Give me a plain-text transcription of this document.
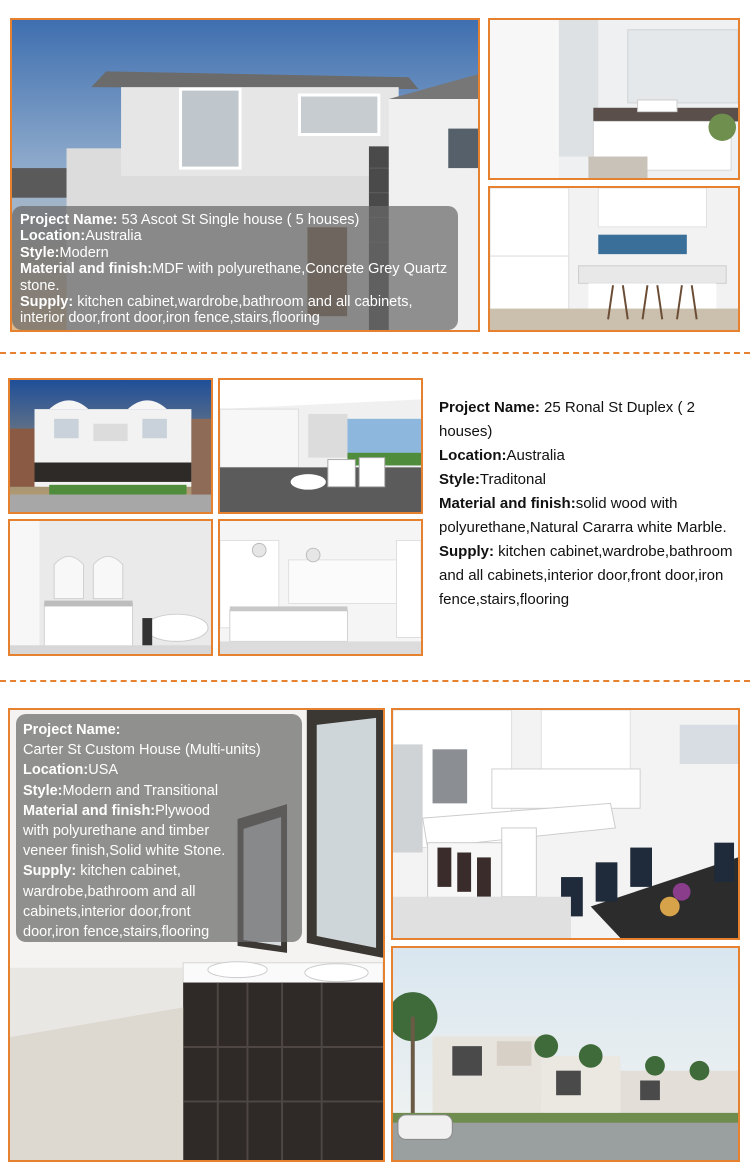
Project Name: 53 Ascot St Single house ( 5 houses)
Location:Australia
Style:Modern
Material and finish:MDF with polyurethane,Concrete Grey Quartz stone.
Supply: kitchen cabinet,wardrobe,bathroom and all cabinets, interior door,front door,iron fence,stairs,flooring
Project Name: 25 Ronal St Duplex ( 2 houses)
Location:Australia
Style:Traditonal
Material and finish:solid wood with polyurethane,Natural Cararra white Marble.
Supply: kitchen cabinet,wardrobe,bathroom and all cabinets,interior door,front door,iron fence,stairs,flooring
Project Name:
Carter St Custom House (Multi-units)
Location:USA
Style:Modern and Transitional
Material and finish:Plywood with polyurethane and timber veneer finish,Solid white Stone.
Supply: kitchen cabinet, wardrobe,bathroom and all cabinets,interior door,front door,iron fence,stairs,flooring
